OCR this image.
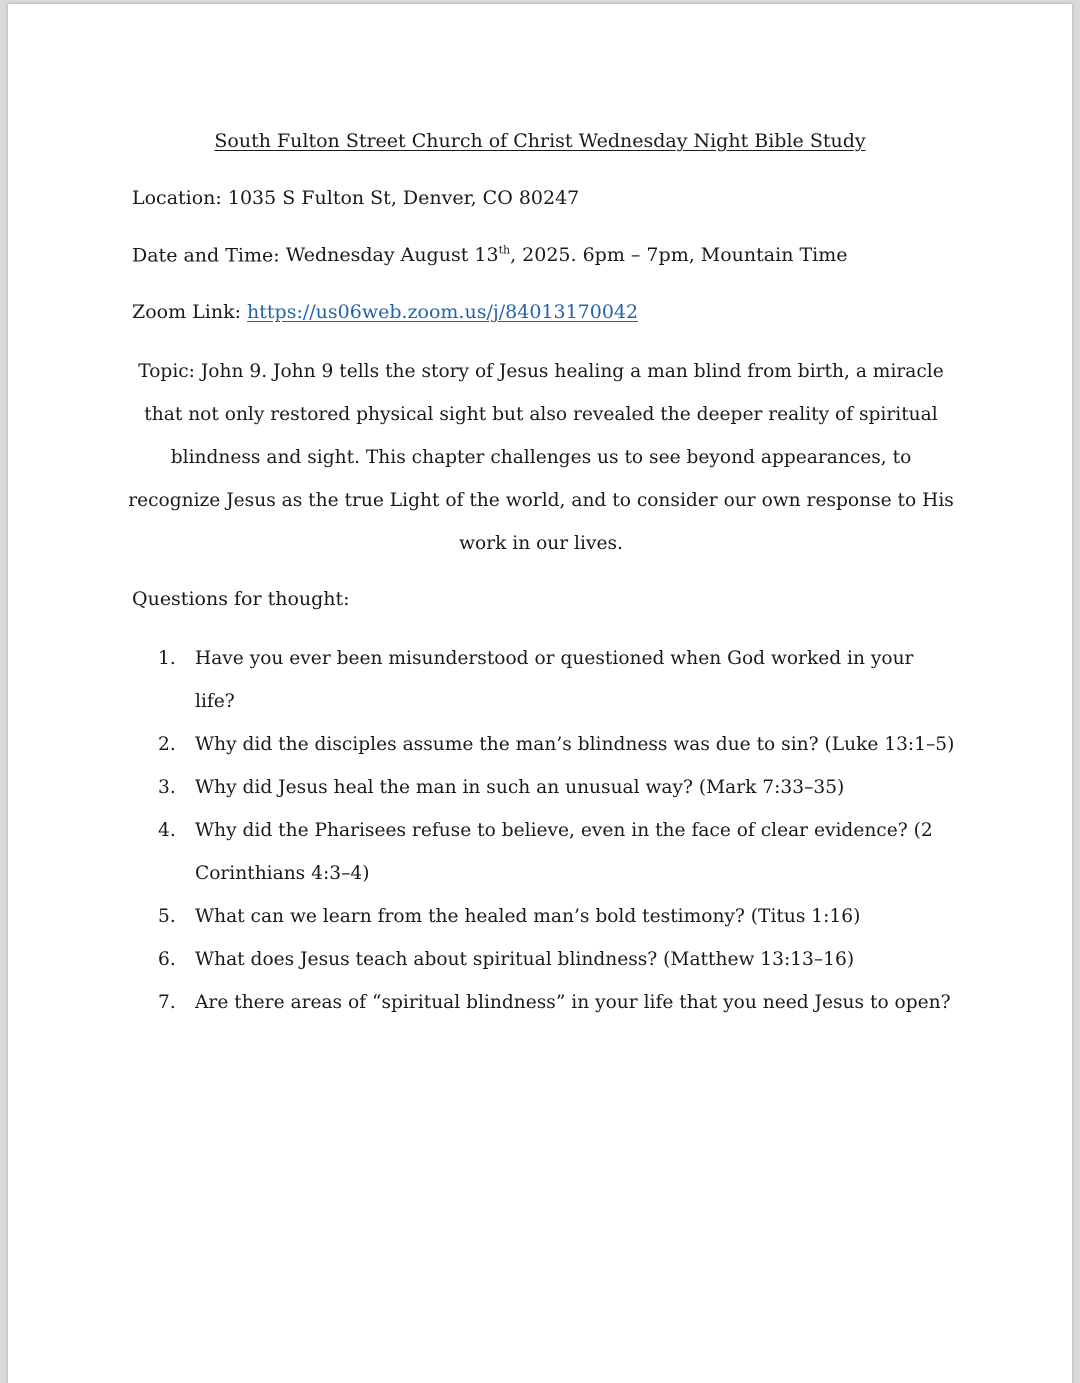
South Fulton Street Church of Christ Wednesday Night Bible Study
Location: 1035 S Fulton St, Denver, CO 80247
Date and Time: Wednesday August 13th, 2025. 6pm – 7pm, Mountain Time
Zoom Link: https://us06web.zoom.us/j/84013170042
Topic: John 9. John 9 tells the story of Jesus healing a man blind from birth, a miracle that not only restored physical sight but also revealed the deeper reality of spiritual blindness and sight. This chapter challenges us to see beyond appearances, to recognize Jesus as the true Light of the world, and to consider our own response to His work in our lives.
Questions for thought:
1. Have you ever been misunderstood or questioned when God worked in your life?
2. Why did the disciples assume the man’s blindness was due to sin? (Luke 13:1–5)
3. Why did Jesus heal the man in such an unusual way? (Mark 7:33–35)
4. Why did the Pharisees refuse to believe, even in the face of clear evidence? (2 Corinthians 4:3–4)
5. What can we learn from the healed man’s bold testimony? (Titus 1:16)
6. What does Jesus teach about spiritual blindness? (Matthew 13:13–16)
7. Are there areas of “spiritual blindness” in your life that you need Jesus to open?
